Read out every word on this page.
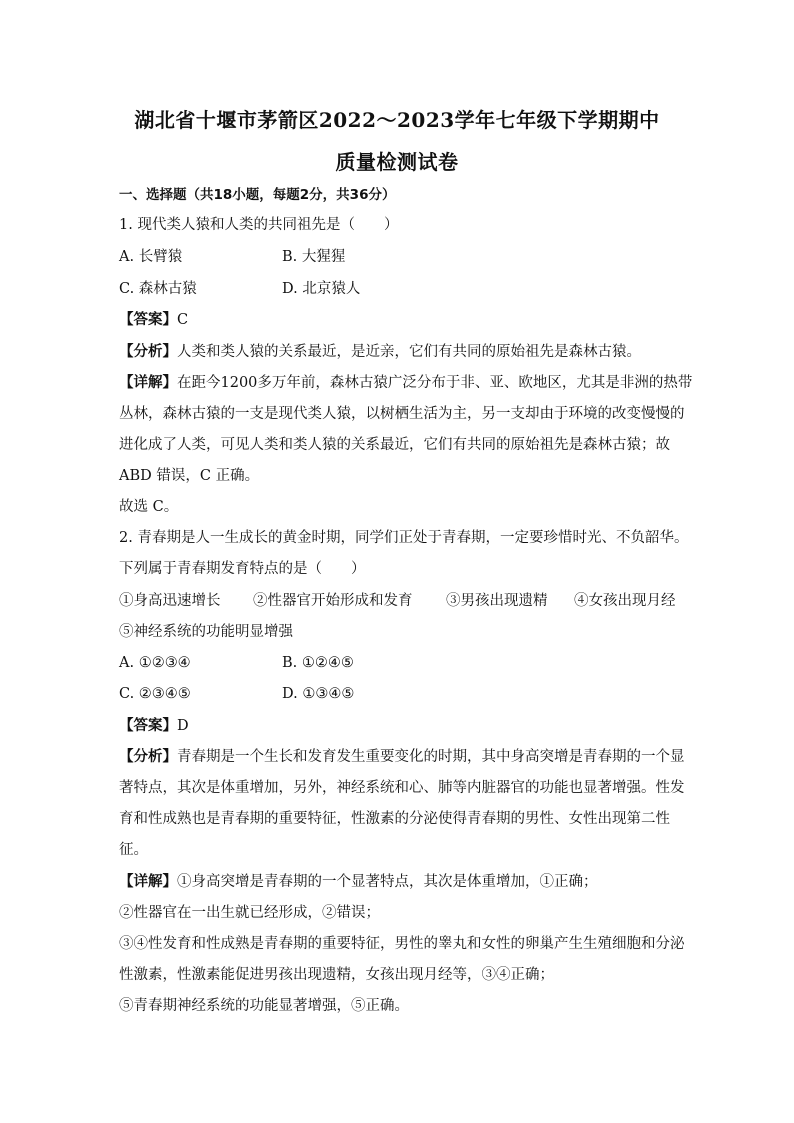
湖北省十堰市茅箭区2022～2023学年七年级下学期期中
质量检测试卷
一、选择题（共18小题，每题2分，共36分）
1. 现代类人猿和人类的共同祖先是（　　）
A. 长臂猿	B. 大猩猩
C. 森林古猿	D. 北京猿人
【答案】C
【分析】人类和类人猿的关系最近，是近亲，它们有共同的原始祖先是森林古猿。
【详解】在距今1200多万年前，森林古猿广泛分布于非、亚、欧地区，尤其是非洲的热带
丛林，森林古猿的一支是现代类人猿，以树栖生活为主，另一支却由于环境的改变慢慢的
进化成了人类，可见人类和类人猿的关系最近，它们有共同的原始祖先是森林古猿；故
ABD 错误，C 正确。
故选 C。
2. 青春期是人一生成长的黄金时期，同学们正处于青春期，一定要珍惜时光、不负韶华。
下列属于青春期发育特点的是（　　）
①身高迅速增长 ②性器官开始形成和发育 ③男孩出现遗精 ④女孩出现月经
⑤神经系统的功能明显增强
A. ①②③④	B. ①②④⑤
C. ②③④⑤	D. ①③④⑤
【答案】D
【分析】青春期是一个生长和发育发生重要变化的时期，其中身高突增是青春期的一个显
著特点，其次是体重增加，另外，神经系统和心、肺等内脏器官的功能也显著增强。性发
育和性成熟也是青春期的重要特征，性激素的分泌使得青春期的男性、女性出现第二性
征。
【详解】①身高突增是青春期的一个显著特点，其次是体重增加，①正确；
②性器官在一出生就已经形成，②错误；
③④性发育和性成熟是青春期的重要特征，男性的睾丸和女性的卵巢产生生殖细胞和分泌
性激素，性激素能促进男孩出现遗精，女孩出现月经等，③④正确；
⑤青春期神经系统的功能显著增强，⑤正确。
